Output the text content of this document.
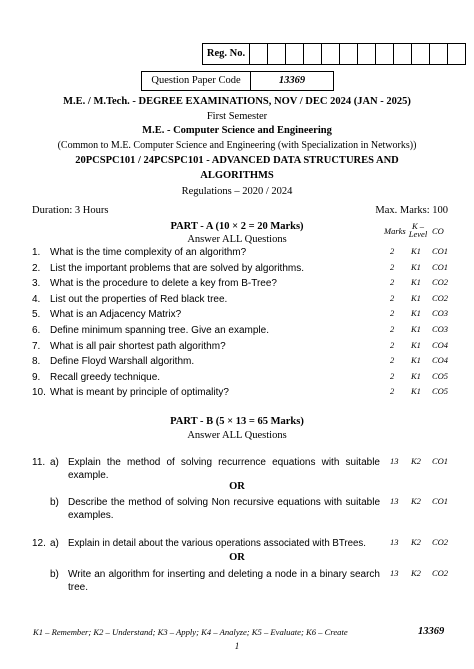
Reg. No.
Question Paper Code	13369
M.E. / M.Tech. - DEGREE EXAMINATIONS, NOV / DEC 2024 (JAN - 2025)
First Semester
M.E. - Computer Science and Engineering
(Common to M.E. Computer Science and Engineering (with Specialization in Networks))
20PCSPC101 / 24PCSPC101 - ADVANCED DATA STRUCTURES AND
ALGORITHMS
Regulations – 2020 / 2024
Duration: 3 Hours	Max. Marks: 100
PART - A (10 × 2 = 20 Marks)
Answer ALL Questions
Marks K – Level CO
1. What is the time complexity of an algorithm?	2 K1 CO1
2. List the important problems that are solved by algorithms.	2 K1 CO1
3. What is the procedure to delete a key from B-Tree?	2 K1 CO2
4. List out the properties of Red black tree.	2 K1 CO2
5. What is an Adjacency Matrix?	2 K1 CO3
6. Define minimum spanning tree. Give an example.	2 K1 CO3
7. What is all pair shortest path algorithm?	2 K1 CO4
8. Define Floyd Warshall algorithm.	2 K1 CO4
9. Recall greedy technique.	2 K1 CO5
10. What is meant by principle of optimality?	2 K1 CO5
PART - B (5 × 13 = 65 Marks)
Answer ALL Questions
11. a) Explain the method of solving recurrence equations with suitable
example.
13 K2 CO1
OR
b) Describe the method of solving Non recursive equations with suitable
examples.
13 K2 CO1
12. a) Explain in detail about the various operations associated with BTrees.	13 K2 CO2
OR
b) Write an algorithm for inserting and deleting a node in a binary search
tree.
13 K2 CO2
K1 – Remember; K2 – Understand; K3 – Apply; K4 – Analyze; K5 – Evaluate; K6 – Create	13369
1
